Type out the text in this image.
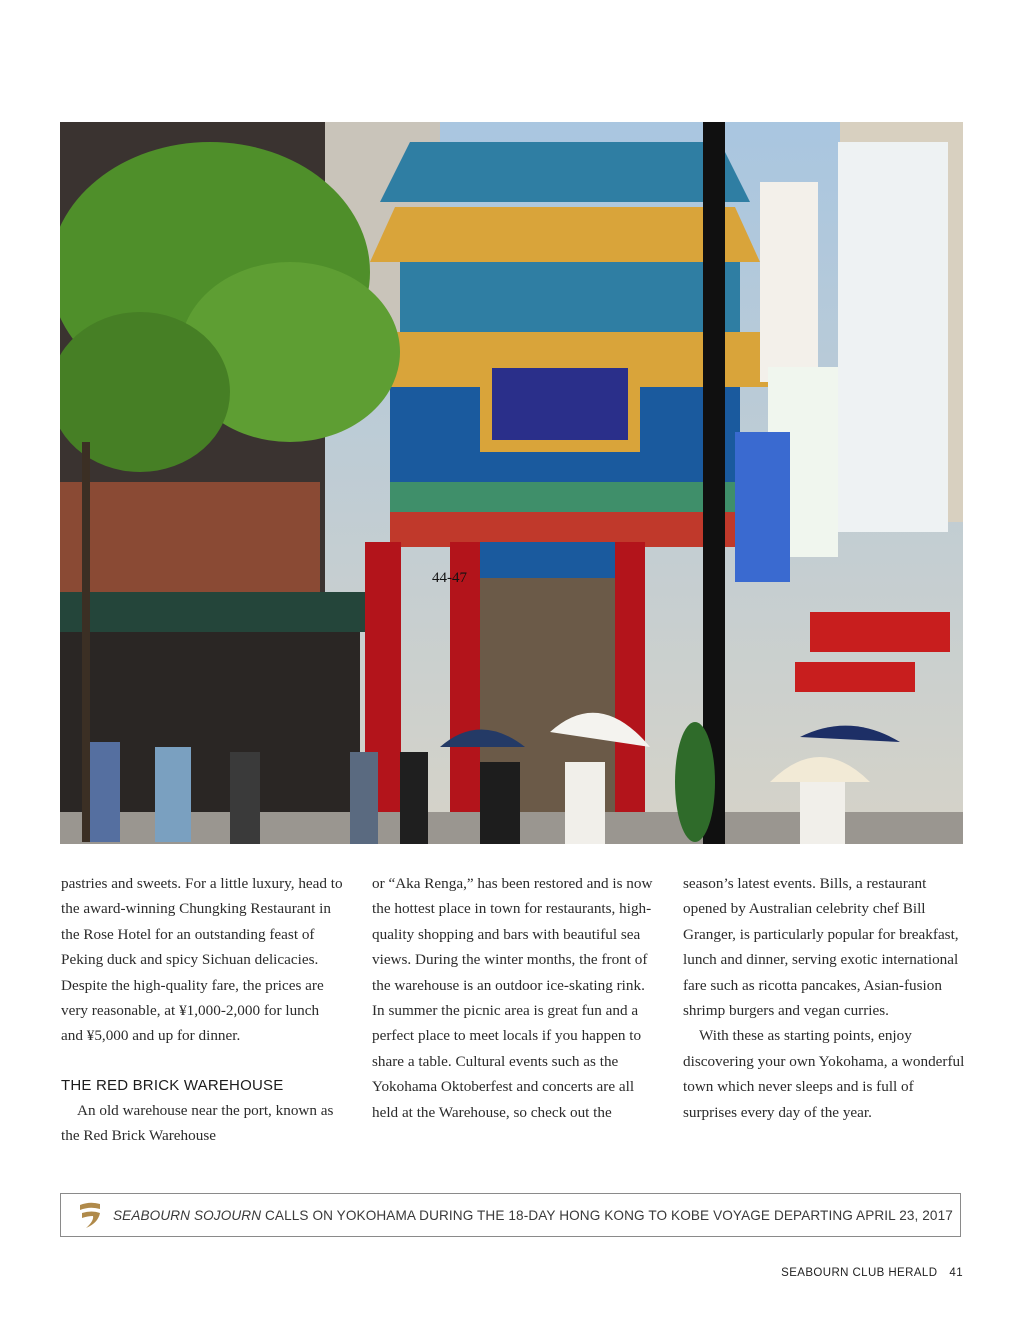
44-47

pastries and sweets. For a little luxury, head to the award-winning Chungking Restaurant in the Rose Hotel for an outstanding feast of Peking duck and spicy Sichuan delicacies. Despite the high-quality fare, the prices are very reasonable, at ¥1,000-2,000 for lunch and ¥5,000 and up for dinner.

THE RED BRICK WAREHOUSE

An old warehouse near the port, known as the Red Brick Warehouse

or “Aka Renga,” has been restored and is now the hottest place in town for restaurants, high-quality shopping and bars with beautiful sea views. During the winter months, the front of the warehouse is an outdoor ice-skating rink. In summer the picnic area is great fun and a perfect place to meet locals if you happen to share a table. Cultural events such as the Yokohama Oktoberfest and concerts are all held at the Warehouse, so check out the

season’s latest events. Bills, a restaurant opened by Australian celebrity chef Bill Granger, is particularly popular for breakfast, lunch and dinner, serving exotic international fare such as ricotta pancakes, Asian-fusion shrimp burgers and vegan curries.

With these as starting points, enjoy discovering your own Yokohama, a wonderful town which never sleeps and is full of surprises every day of the year.

SEABOURN SOJOURN CALLS ON YOKOHAMA DURING THE 18-DAY HONG KONG TO KOBE VOYAGE DEPARTING APRIL 23, 2017
SEABOURN CLUB HERALD 41
